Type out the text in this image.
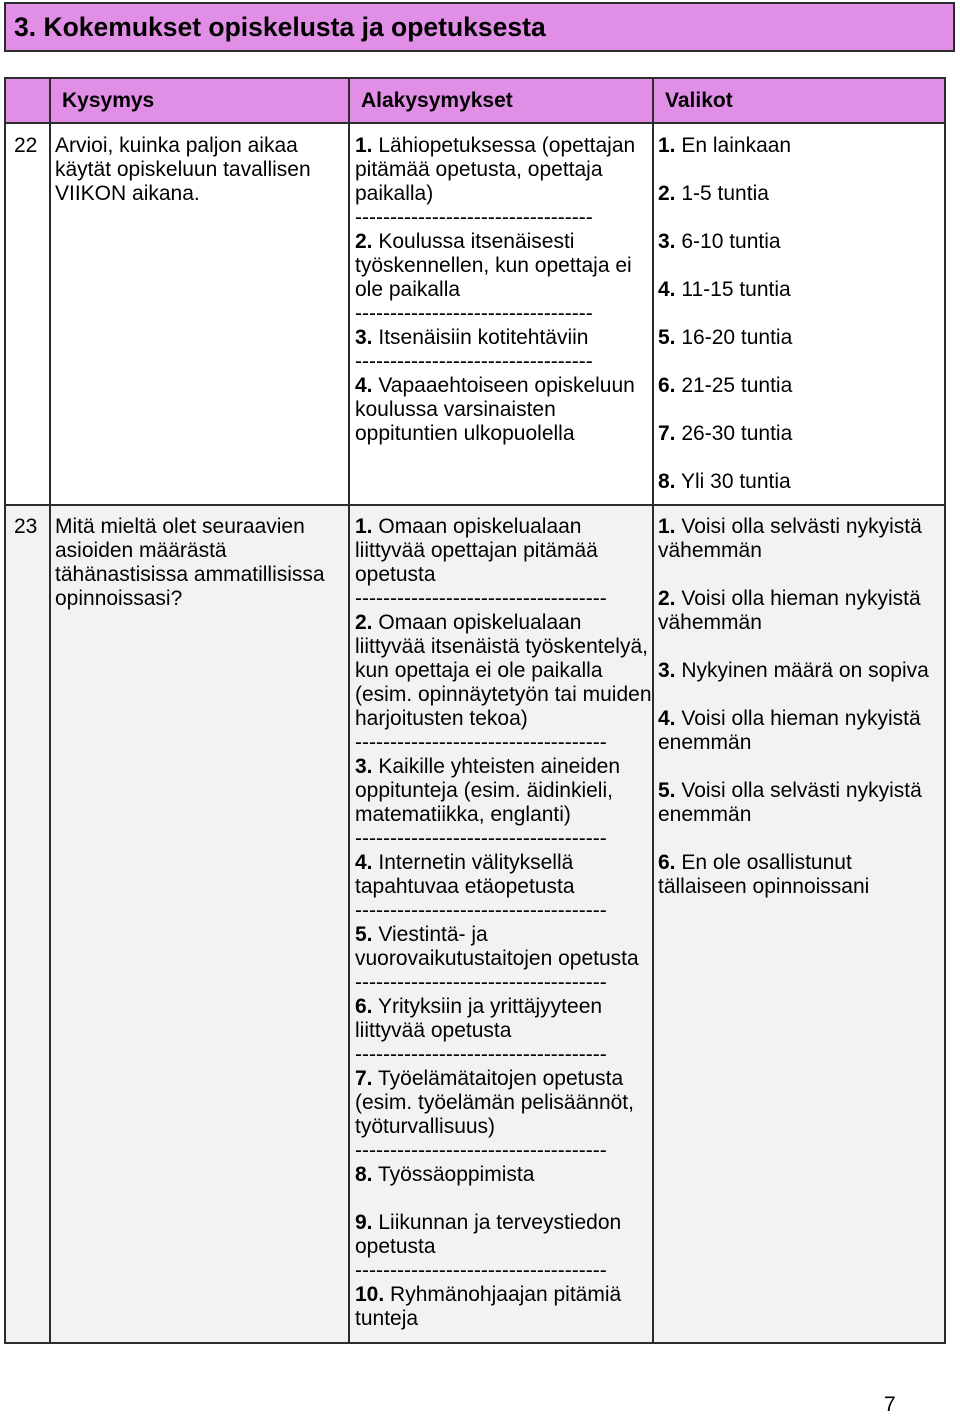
3. Kokemukset opiskelusta ja opetuksesta
Kysymys	Alakysymykset	Valikot
22 Arvioi, kuinka paljon aikaa
käytät opiskeluun tavallisen
VIIKON aikana.
1. Lähiopetuksessa (opettajan
pitämää opetusta, opettaja
paikalla)
----------------------------------
2. Koulussa itsenäisesti
työskennellen, kun opettaja ei
ole paikalla
----------------------------------
3. Itsenäisiin kotitehtäviin
----------------------------------
4. Vapaaehtoiseen opiskeluun
koulussa varsinaisten
oppituntien ulkopuolella
1. En lainkaan
2. 1-5 tuntia
3. 6-10 tuntia
4. 11-15 tuntia
5. 16-20 tuntia
6. 21-25 tuntia
7. 26-30 tuntia
8. Yli 30 tuntia
23 Mitä mieltä olet seuraavien
asioiden määrästä
tähänastisissa ammatillisissa
opinnoissasi?
1. Omaan opiskelualaan
liittyvää opettajan pitämää
opetusta
------------------------------------
2. Omaan opiskelualaan
liittyvää itsenäistä työskentelyä,
kun opettaja ei ole paikalla
(esim. opinnäytetyön tai muiden
harjoitusten tekoa)
------------------------------------
3. Kaikille yhteisten aineiden
oppitunteja (esim. äidinkieli,
matematiikka, englanti)
------------------------------------
4. Internetin välityksellä
tapahtuvaa etäopetusta
------------------------------------
5. Viestintä- ja
vuorovaikutustaitojen opetusta
------------------------------------
6. Yrityksiin ja yrittäjyyteen
liittyvää opetusta
------------------------------------
7. Työelämätaitojen opetusta
(esim. työelämän pelisäännöt,
työturvallisuus)
------------------------------------
8. Työssäoppimista
9. Liikunnan ja terveystiedon
opetusta
------------------------------------
10. Ryhmänohjaajan pitämiä
tunteja
1. Voisi olla selvästi nykyistä
vähemmän
2. Voisi olla hieman nykyistä
vähemmän
3. Nykyinen määrä on sopiva
4. Voisi olla hieman nykyistä
enemmän
5. Voisi olla selvästi nykyistä
enemmän
6. En ole osallistunut
tällaiseen opinnoissani
7
